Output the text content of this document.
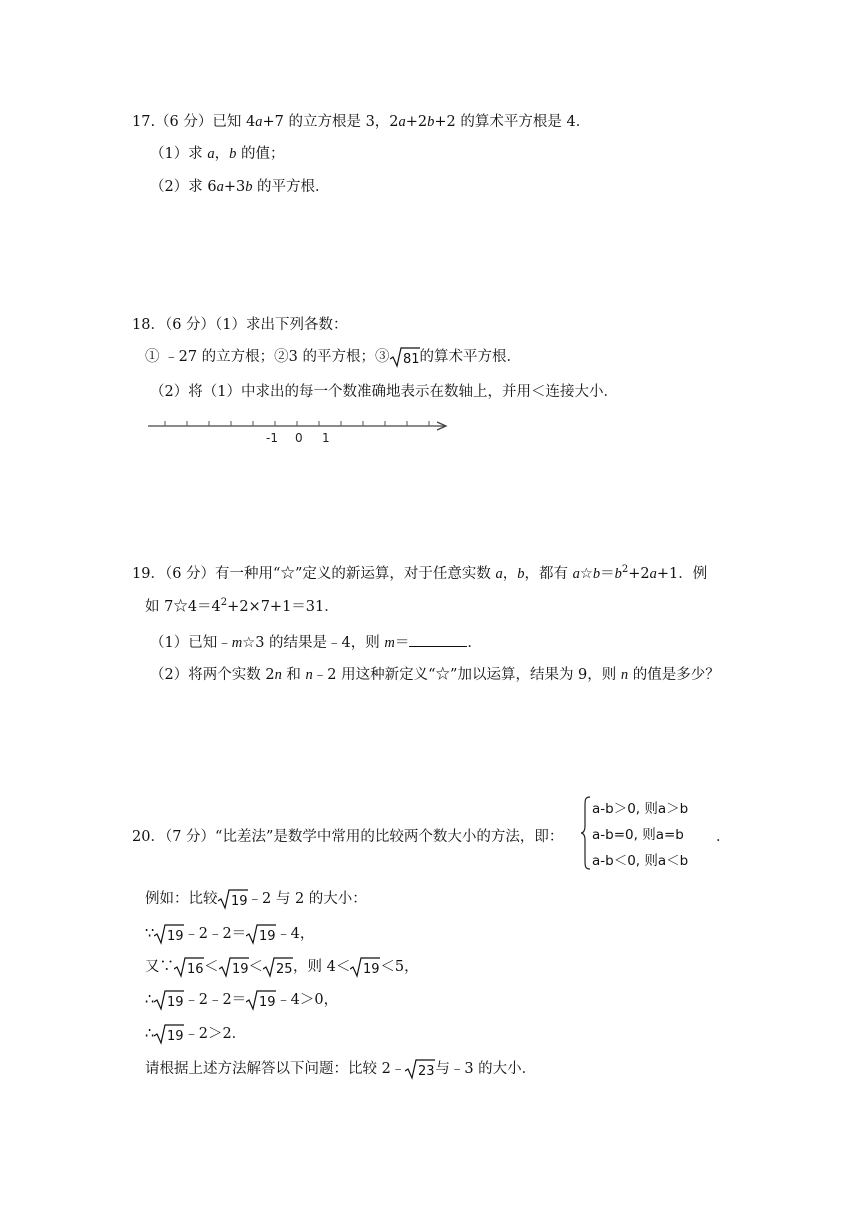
17.（6 分）已知 4a+7 的立方根是 3，2a+2b+2 的算术平方根是 4．
（1）求 a，b 的值；
（2）求 6a+3b 的平方根．
18．（6 分）（1）求出下列各数：
① ﹣27 的立方根；②3 的平方根；③ 81 的算术平方根．
（2）将（1）中求出的每一个数准确地表示在数轴上，并用＜连接大小．
-1 0 1
19．（6 分）有一种用“☆”定义的新运算，对于任意实数 a，b，都有 $a☆b=b^2+2a+1$．例
如 $7☆4=4^2+2\times 7+1=31$．
（1）已知﹣m☆3 的结果是﹣4，则 m＝	．
（2）将两个实数 2n 和 n﹣2 用这种新定义“☆”加以运算，结果为 9，则 n 的值是多少？
20．（7 分）“比差法”是数学中常用的比较两个数大小的方法，即：
a-b＞0, 则a＞b
a-b=0, 则a=b
a-b＜0, 则a＜b
．
例如：比较 19 ﹣2 与 2 的大小：
∵ 19 ﹣2﹣2＝ 19 ﹣4，
又∵ 16 ＜ 19 ＜ 25 ，则 4＜ 19 ＜5，
∴ 19 ﹣2﹣2＝ 19 ﹣4＞0，
∴ 19 ﹣2＞2．
请根据上述方法解答以下问题：比较 2﹣ 23 与﹣3 的大小．
